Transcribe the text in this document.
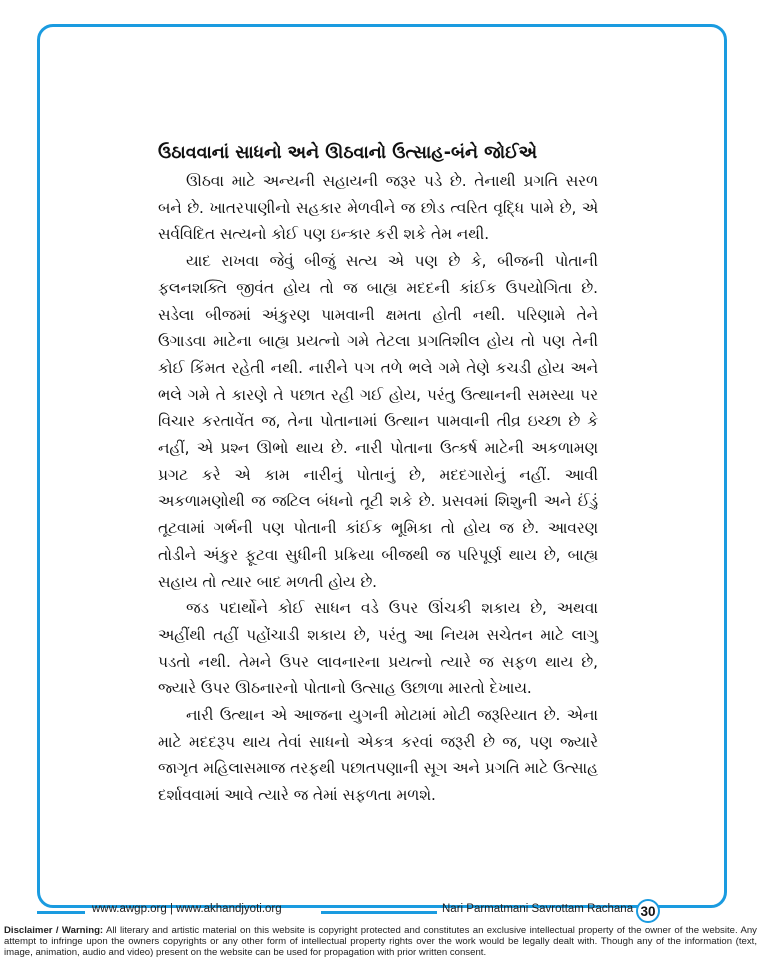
ઉઠાવવાનાં સાધનો અને ઊઠવાનો ઉત્સાહ-બંને જોઈએ

ઊઠવા માટે અન્યની સહાયની જરૂર પડે છે. તેનાથી પ્રગતિ સરળ બને છે. ખાતરપાણીનો સહકાર મેળવીને જ છોડ ત્વરિત વૃદ્ધિ પામે છે, એ સર્વવિદિત સત્યનો કોઈ પણ ઇન્કાર કરી શકે તેમ નથી.

યાદ રાખવા જેવું બીજું સત્ય એ પણ છે કે, બીજની પોતાની ફલનશક્તિ જીવંત હોય તો જ બાહ્ય મદદની કાંઈક ઉપયોગિતા છે. સડેલા બીજમાં અંકુરણ પામવાની ક્ષમતા હોતી નથી. પરિણામે તેને ઉગાડવા માટેના બાહ્ય પ્રયત્નો ગમે તેટલા પ્રગતિશીલ હોય તો પણ તેની કોઈ કિંમત રહેતી નથી. નારીને પગ તળે ભલે ગમે તેણે કચડી હોય અને ભલે ગમે તે કારણે તે પછાત રહી ગઈ હોય, પરંતુ ઉત્થાનની સમસ્યા પર વિચાર કરતાવેંત જ, તેના પોતાનામાં ઉત્થાન પામવાની તીવ્ર ઇચ્છા છે કે નહીં, એ પ્રશ્ન ઊભો થાય છે. નારી પોતાના ઉત્કર્ષ માટેની અકળામણ પ્રગટ કરે એ કામ નારીનું પોતાનું છે, મદદગારોનું નહીં. આવી અકળામણોથી જ જટિલ બંધનો તૂટી શકે છે. પ્રસવમાં શિશુની અને ઈંડું તૂટવામાં ગર્ભની પણ પોતાની કાંઈક ભૂમિકા તો હોય જ છે. આવરણ તોડીને અંકુર ફૂટવા સુધીની પ્રક્રિયા બીજથી જ પરિપૂર્ણ થાય છે, બાહ્ય સહાય તો ત્યાર બાદ મળતી હોય છે.

જડ પદાર્થોને કોઈ સાધન વડે ઉપર ઊંચકી શકાય છે, અથવા અહીંથી તહીં પહોંચાડી શકાય છે, પરંતુ આ નિયમ સચેતન માટે લાગુ પડતો નથી. તેમને ઉપર લાવનારના પ્રયત્નો ત્યારે જ સફળ થાય છે, જ્યારે ઉપર ઊઠનારનો પોતાનો ઉત્સાહ ઉછાળા મારતો દેખાય.

નારી ઉત્થાન એ આજના યુગની મોટામાં મોટી જરૂરિયાત છે. એના માટે મદદરૂપ થાય તેવાં સાધનો એકત્ર કરવાં જરૂરી છે જ, પણ જ્યારે જાગૃત મહિલાસમાજ તરફથી પછાતપણાની સૂગ અને પ્રગતિ માટે ઉત્સાહ દર્શાવવામાં આવે ત્યારે જ તેમાં સફળતા મળશે.

www.awgp.org | www.akhandjyoti.org	Nari Parmatmani Savrottam Rachana 30
Disclaimer / Warning: All literary and artistic material on this website is copyright protected and constitutes an exclusive intellectual property of the owner of the website. Any attempt to infringe upon the owners copyrights or any other form of intellectual property rights over the work would be legally dealt with. Though any of the information (text, image, animation, audio and video) present on the website can be used for propagation with prior written consent.
